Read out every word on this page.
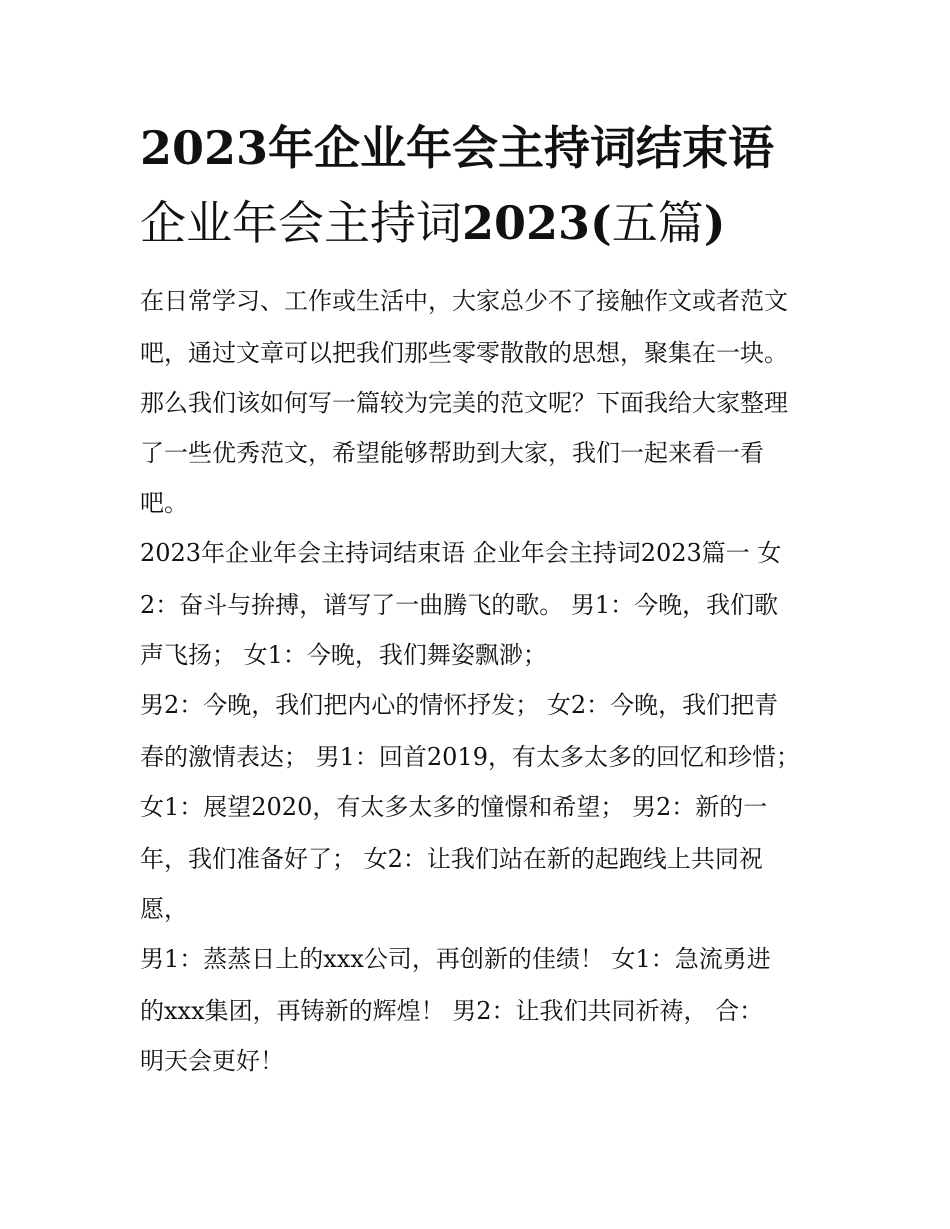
2023年企业年会主持词结束语
企业年会主持词2023(五篇)
在日常学习、工作或生活中，大家总少不了接触作文或者范文
吧，通过文章可以把我们那些零零散散的思想，聚集在一块。
那么我们该如何写一篇较为完美的范文呢？下面我给大家整理
了一些优秀范文，希望能够帮助到大家，我们一起来看一看
吧。
2023年企业年会主持词结束语 企业年会主持词2023篇一 女
2：奋斗与拚搏，谱写了一曲腾飞的歌。 男1：今晚，我们歌
声飞扬； 女1：今晚，我们舞姿飘渺；
男2：今晚，我们把内心的情怀抒发； 女2：今晚，我们把青
春的激情表达； 男1：回首2019，有太多太多的回忆和珍惜；
女1：展望2020，有太多太多的憧憬和希望； 男2：新的一
年，我们准备好了； 女2：让我们站在新的起跑线上共同祝
愿，
男1：蒸蒸日上的xxx公司，再创新的佳绩！ 女1：急流勇进
的xxx集团，再铸新的辉煌！ 男2：让我们共同祈祷， 合：
明天会更好！
